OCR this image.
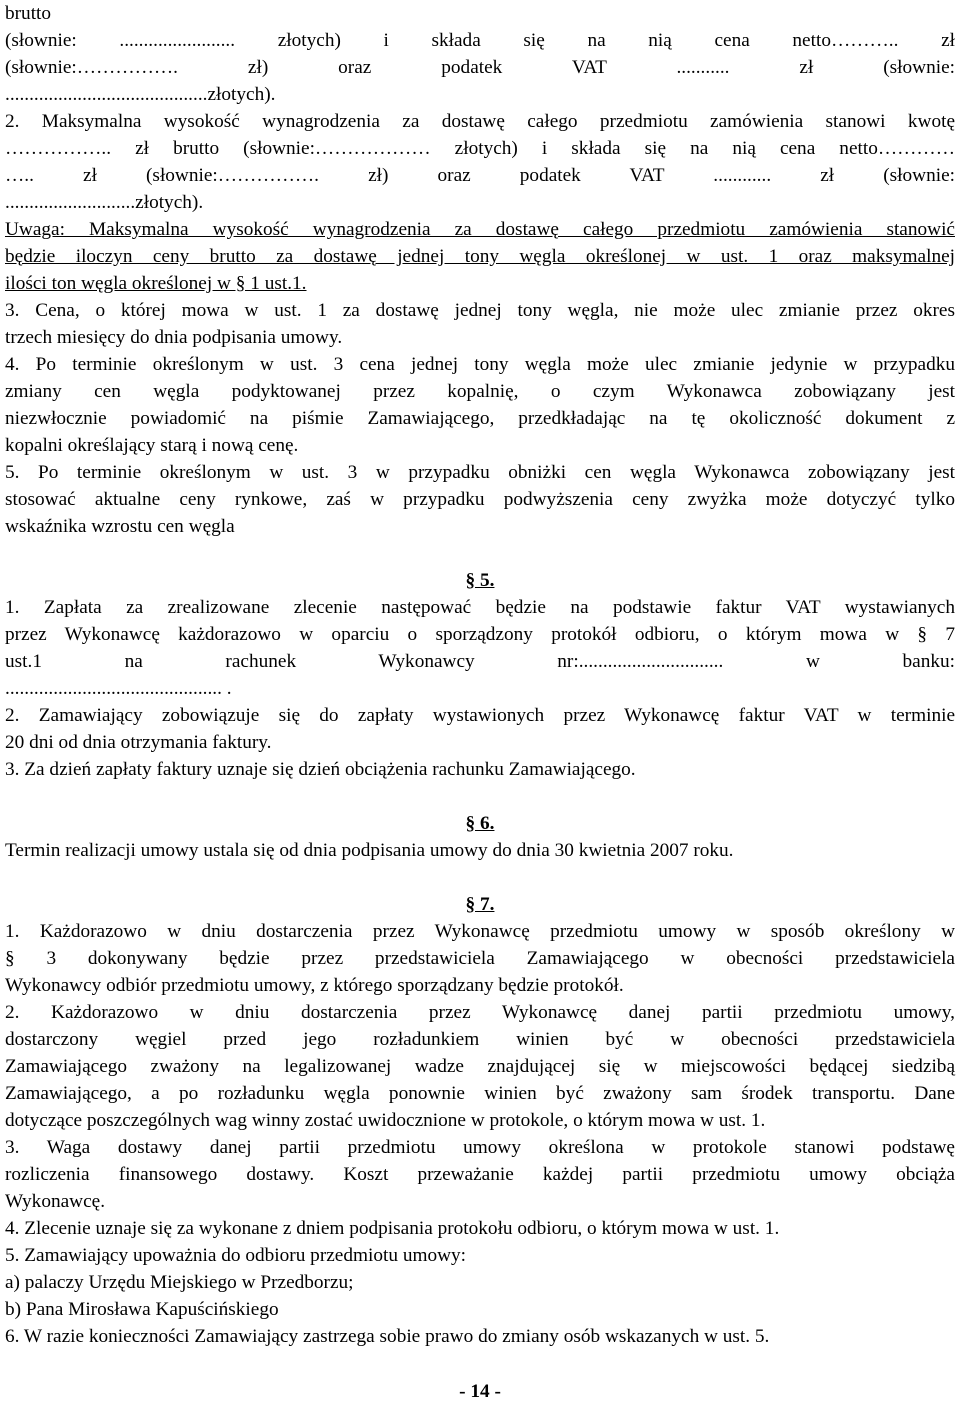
brutto
(słownie: ........................ złotych) i składa się na nią cena netto……….. zł
(słownie:……………. zł) oraz podatek VAT ........... zł (słownie:
..........................................złotych).
2. Maksymalna wysokość wynagrodzenia za dostawę całego przedmiotu zamówienia stanowi kwotę
…………….. zł brutto (słownie:……………… złotych) i składa się na nią cena netto…………
….. zł (słownie:……………. zł) oraz podatek VAT ............ zł (słownie:
...........................złotych).
Uwaga: Maksymalna wysokość wynagrodzenia za dostawę całego przedmiotu zamówienia stanowić
będzie iloczyn ceny brutto za dostawę jednej tony węgla określonej w ust. 1 oraz maksymalnej
ilości ton węgla określonej w § 1 ust.1.
3. Cena, o której mowa w ust. 1 za dostawę jednej tony węgla, nie może ulec zmianie przez okres
trzech miesięcy do dnia podpisania umowy.
4. Po terminie określonym w ust. 3 cena jednej tony węgla może ulec zmianie jedynie w przypadku
zmiany cen węgla podyktowanej przez kopalnię, o czym Wykonawca zobowiązany jest
niezwłocznie powiadomić na piśmie Zamawiającego, przedkładając na tę okoliczność dokument z
kopalni określający starą i nową cenę.
5. Po terminie określonym w ust. 3 w przypadku obniżki cen węgla Wykonawca zobowiązany jest
stosować aktualne ceny rynkowe, zaś w przypadku podwyższenia ceny zwyżka może dotyczyć tylko
wskaźnika wzrostu cen węgla
§ 5.
1. Zapłata za zrealizowane zlecenie następować będzie na podstawie faktur VAT wystawianych
przez Wykonawcę każdorazowo w oparciu o sporządzony protokół odbioru, o którym mowa w § 7
ust.1 na rachunek Wykonawcy nr:.............................. w banku:
............................................. .
2. Zamawiający zobowiązuje się do zapłaty wystawionych przez Wykonawcę faktur VAT w terminie
20 dni od dnia otrzymania faktury.
3. Za dzień zapłaty faktury uznaje się dzień obciążenia rachunku Zamawiającego.
§ 6.
Termin realizacji umowy ustala się od dnia podpisania umowy do dnia 30 kwietnia 2007 roku.
§ 7.
1. Każdorazowo w dniu dostarczenia przez Wykonawcę przedmiotu umowy w sposób określony w
§ 3 dokonywany będzie przez przedstawiciela Zamawiającego w obecności przedstawiciela
Wykonawcy odbiór przedmiotu umowy, z którego sporządzany będzie protokół.
2. Każdorazowo w dniu dostarczenia przez Wykonawcę danej partii przedmiotu umowy,
dostarczony węgiel przed jego rozładunkiem winien być w obecności przedstawiciela
Zamawiającego zważony na legalizowanej wadze znajdującej się w miejscowości będącej siedzibą
Zamawiającego, a po rozładunku węgla ponownie winien być zważony sam środek transportu. Dane
dotyczące poszczególnych wag winny zostać uwidocznione w protokole, o którym mowa w ust. 1.
3. Waga dostawy danej partii przedmiotu umowy określona w protokole stanowi podstawę
rozliczenia finansowego dostawy. Koszt przeważanie każdej partii przedmiotu umowy obciąża
Wykonawcę.
4. Zlecenie uznaje się za wykonane z dniem podpisania protokołu odbioru, o którym mowa w ust. 1.
5. Zamawiający upoważnia do odbioru przedmiotu umowy:
a) palaczy Urzędu Miejskiego w Przedborzu;
b) Pana Mirosława Kapuścińskiego
6. W razie konieczności Zamawiający zastrzega sobie prawo do zmiany osób wskazanych w ust. 5.
- 14 -
